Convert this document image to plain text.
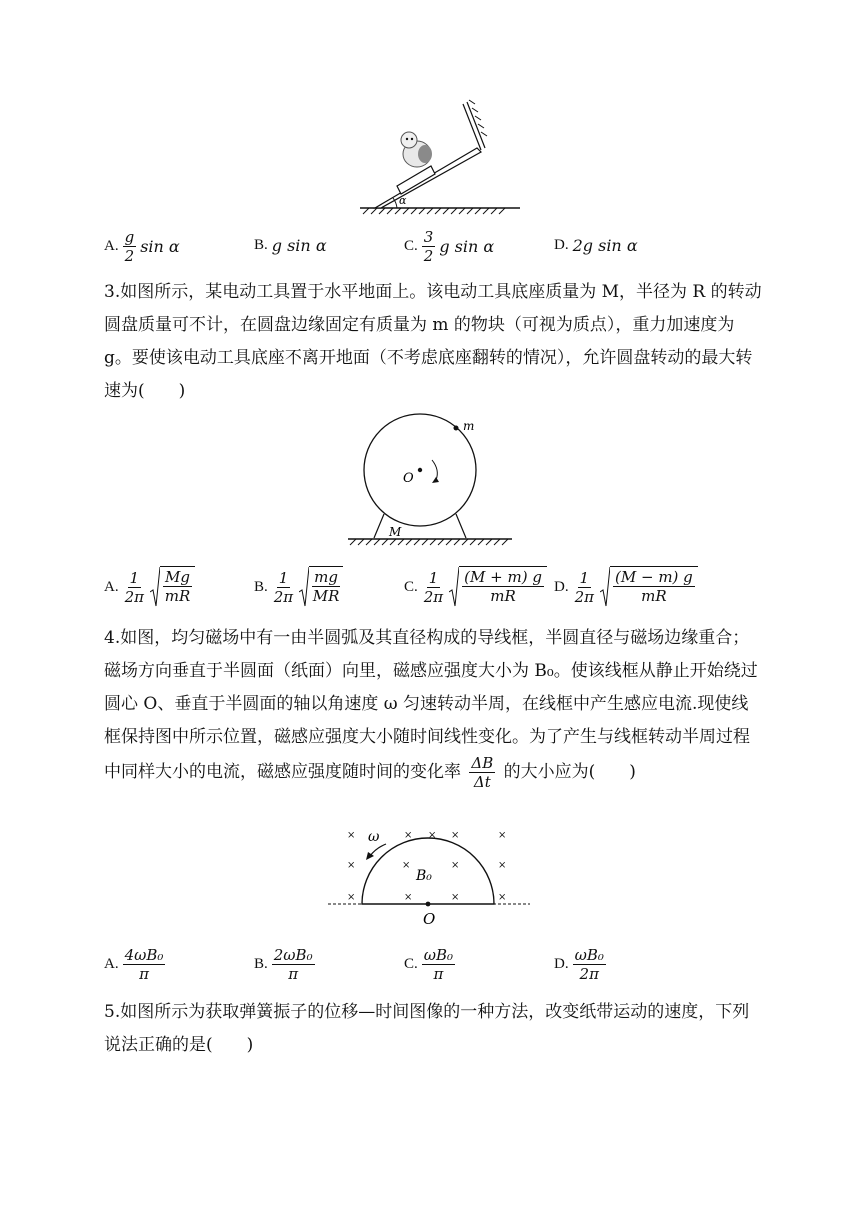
α
A. $\frac{g}{2}$ sin α	B. g sin α	C. $\frac{3}{2}$ g sin α	D. 2g sin α
3.如图所示，某电动工具置于水平地面上。该电动工具底座质量为 M，半径为 R 的转动圆盘质量可不计，在圆盘边缘固定有质量为 m 的物块（可视为质点），重力加速度为 g。要使该电动工具底座不离开地面（不考虑底座翻转的情况），允许圆盘转动的最大转速为(　　)
m
O
M
A. $\frac{1}{2\pi} \frac{Mg}{mR}$	B. $\frac{1}{2\pi} \frac{mg}{MR}$	C. $\frac{1}{2\pi} \frac{(M + m) g}{mR} D$. $\frac{1}{2\pi} \frac{(M - m) g}{mR}$
4.如图，均匀磁场中有一由半圆弧及其直径构成的导线框，半圆直径与磁场边缘重合；磁场方向垂直于半圆面（纸面）向里，磁感应强度大小为 B₀。使该线框从静止开始绕过圆心 O、垂直于半圆面的轴以角速度 ω 匀速转动半周，在线框中产生感应电流.现使线框保持图中所示位置，磁感应强度大小随时间线性变化。为了产生与线框转动半周过程中同样大小的电流，磁感应强度随时间的变化率 $\frac{\Delta B}{\Delta t}$ 的大小应为(　　)
×	× × ×	×
×	×	×	×
×	×	×	×
ω
B₀
O
A. $\frac{\text{4ωB₀}}{\pi}$	B. $\frac{\text{2ωB₀}}{\pi}$	C. $\frac{\text{ωB₀}}{\pi}$	D. $\frac{\text{ωB₀}}{2\pi}$
5.如图所示为获取弹簧振子的位移—时间图像的一种方法，改变纸带运动的速度，下列说法正确的是(　　)
